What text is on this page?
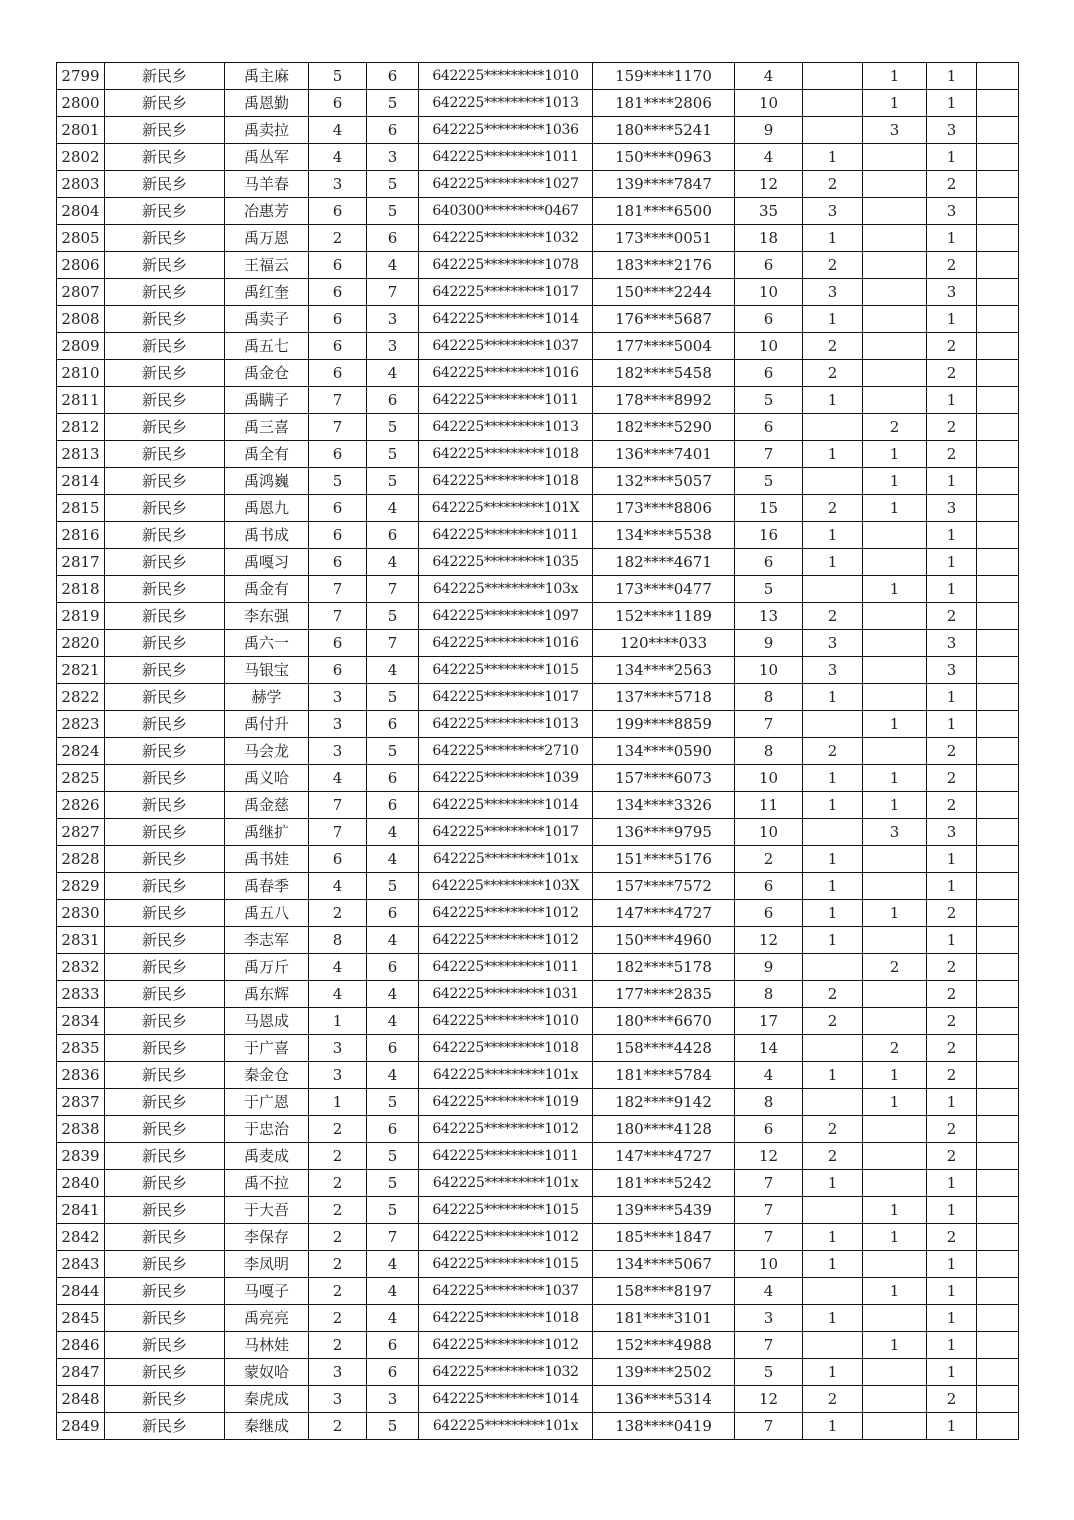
2799	新民乡	禹主麻	5	6	642225*********1010	159****1170	4		1	1	
2800	新民乡	禹恩勤	6	5	642225*********1013	181****2806	10		1	1	
2801	新民乡	禹卖拉	4	6	642225*********1036	180****5241	9		3	3	
2802	新民乡	禹丛军	4	3	642225*********1011	150****0963	4	1		1	
2803	新民乡	马羊春	3	5	642225*********1027	139****7847	12	2		2	
2804	新民乡	冶惠芳	6	5	640300*********0467	181****6500	35	3		3	
2805	新民乡	禹万恩	2	6	642225*********1032	173****0051	18	1		1	
2806	新民乡	王福云	6	4	642225*********1078	183****2176	6	2		2	
2807	新民乡	禹红奎	6	7	642225*********1017	150****2244	10	3		3	
2808	新民乡	禹卖子	6	3	642225*********1014	176****5687	6	1		1	
2809	新民乡	禹五七	6	3	642225*********1037	177****5004	10	2		2	
2810	新民乡	禹金仓	6	4	642225*********1016	182****5458	6	2		2	
2811	新民乡	禹瞒子	7	6	642225*********1011	178****8992	5	1		1	
2812	新民乡	禹三喜	7	5	642225*********1013	182****5290	6		2	2	
2813	新民乡	禹全有	6	5	642225*********1018	136****7401	7	1	1	2	
2814	新民乡	禹鸿巍	5	5	642225*********1018	132****5057	5		1	1	
2815	新民乡	禹恩九	6	4	642225*********101X	173****8806	15	2	1	3	
2816	新民乡	禹书成	6	6	642225*********1011	134****5538	16	1		1	
2817	新民乡	禹嘎习	6	4	642225*********1035	182****4671	6	1		1	
2818	新民乡	禹金有	7	7	642225*********103x	173****0477	5		1	1	
2819	新民乡	李东强	7	5	642225*********1097	152****1189	13	2		2	
2820	新民乡	禹六一	6	7	642225*********1016	120****033	9	3		3	
2821	新民乡	马银宝	6	4	642225*********1015	134****2563	10	3		3	
2822	新民乡	赫学	3	5	642225*********1017	137****5718	8	1		1	
2823	新民乡	禹付升	3	6	642225*********1013	199****8859	7		1	1	
2824	新民乡	马会龙	3	5	642225*********2710	134****0590	8	2		2	
2825	新民乡	禹义哈	4	6	642225*********1039	157****6073	10	1	1	2	
2826	新民乡	禹金慈	7	6	642225*********1014	134****3326	11	1	1	2	
2827	新民乡	禹继扩	7	4	642225*********1017	136****9795	10		3	3	
2828	新民乡	禹书娃	6	4	642225*********101x	151****5176	2	1		1	
2829	新民乡	禹春季	4	5	642225*********103X	157****7572	6	1		1	
2830	新民乡	禹五八	2	6	642225*********1012	147****4727	6	1	1	2	
2831	新民乡	李志军	8	4	642225*********1012	150****4960	12	1		1	
2832	新民乡	禹万斤	4	6	642225*********1011	182****5178	9		2	2	
2833	新民乡	禹东辉	4	4	642225*********1031	177****2835	8	2		2	
2834	新民乡	马恩成	1	4	642225*********1010	180****6670	17	2		2	
2835	新民乡	于广喜	3	6	642225*********1018	158****4428	14		2	2	
2836	新民乡	秦金仓	3	4	642225*********101x	181****5784	4	1	1	2	
2837	新民乡	于广恩	1	5	642225*********1019	182****9142	8		1	1	
2838	新民乡	于忠治	2	6	642225*********1012	180****4128	6	2		2	
2839	新民乡	禹麦成	2	5	642225*********1011	147****4727	12	2		2	
2840	新民乡	禹不拉	2	5	642225*********101x	181****5242	7	1		1	
2841	新民乡	于大吾	2	5	642225*********1015	139****5439	7		1	1	
2842	新民乡	李保存	2	7	642225*********1012	185****1847	7	1	1	2	
2843	新民乡	李凤明	2	4	642225*********1015	134****5067	10	1		1	
2844	新民乡	马嘎子	2	4	642225*********1037	158****8197	4		1	1	
2845	新民乡	禹亮亮	2	4	642225*********1018	181****3101	3	1		1	
2846	新民乡	马林娃	2	6	642225*********1012	152****4988	7		1	1	
2847	新民乡	蒙奴哈	3	6	642225*********1032	139****2502	5	1		1	
2848	新民乡	秦虎成	3	3	642225*********1014	136****5314	12	2		2	
2849	新民乡	秦继成	2	5	642225*********101x	138****0419	7	1		1	
